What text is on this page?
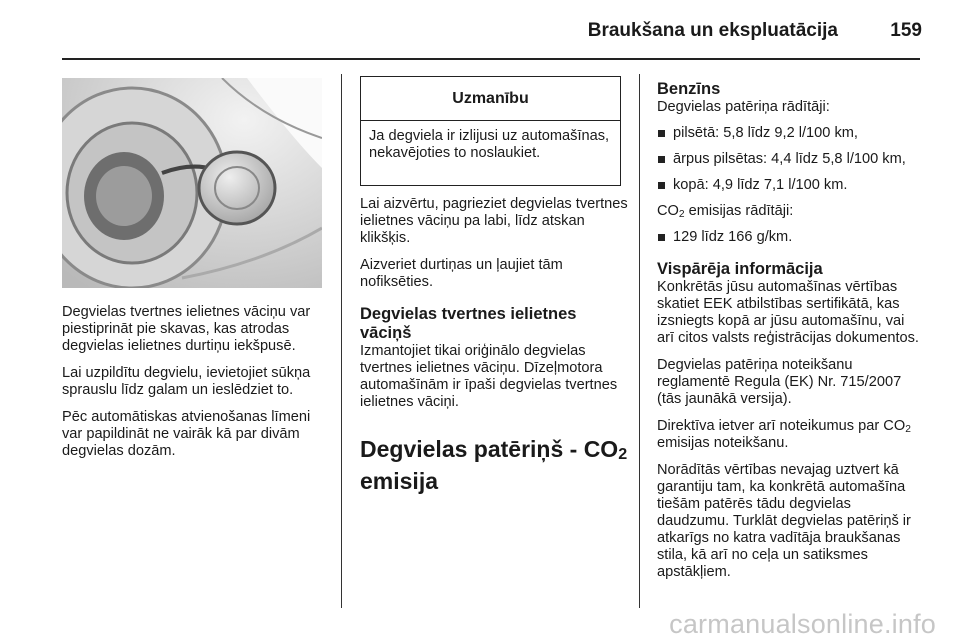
Braukšana un ekspluatācija	159

Degvielas tvertnes ielietnes vāciņu var piestiprināt pie skavas, kas atrodas degvielas ielietnes durtiņu iekšpusē.

Lai uzpildītu degvielu, ievietojiet sūkņa sprauslu līdz galam un ieslēdziet to.

Pēc automātiskas atvienošanas līmeni var papildināt ne vairāk kā par divām degvielas dozām.

Uzmanību
Ja degviela ir izlijusi uz automašīnas, nekavējoties to noslaukiet.

Lai aizvērtu, pagrieziet degvielas tvertnes ielietnes vāciņu pa labi, līdz atskan klikšķis.

Aizveriet durtiņas un ļaujiet tām nofiksēties.

Degvielas tvertnes ielietnes vāciņš

Izmantojiet tikai oriģinālo degvielas tvertnes ielietnes vāciņu. Dīzeļmotora automašīnām ir īpaši degvielas tvertnes ielietnes vāciņi.

Degvielas patēriņš - $CO_2$
emisija
Benzīns

Degvielas patēriņa rādītāji:

pilsētā: 5,8 līdz 9,2 l/100 km,
ārpus pilsētas: 4,4 līdz 5,8 l/100 km,
kopā: 4,9 līdz 7,1 l/100 km.

$CO_2$ emisijas rādītāji:

129 līdz 166 g/km.
Vispārēja informācija

Konkrētās jūsu automašīnas vērtības skatiet EEK atbilstības sertifikātā, kas izsniegts kopā ar jūsu automašīnu, vai arī citos valsts reģistrācijas dokumentos.

Degvielas patēriņa noteikšanu reglamentē Regula (EK) Nr. 715/2007 (tās jaunākā versija).

Direktīva ietver arī noteikumus par $CO_2$ emisijas noteikšanu.

Norādītās vērtības nevajag uztvert kā garantiju tam, ka konkrētā automašīna tiešām patērēs tādu degvielas daudzumu. Turklāt degvielas patēriņš ir atkarīgs no katra vadītāja braukšanas stila, kā arī no ceļa un satiksmes apstākļiem.

carmanualsonline.info
